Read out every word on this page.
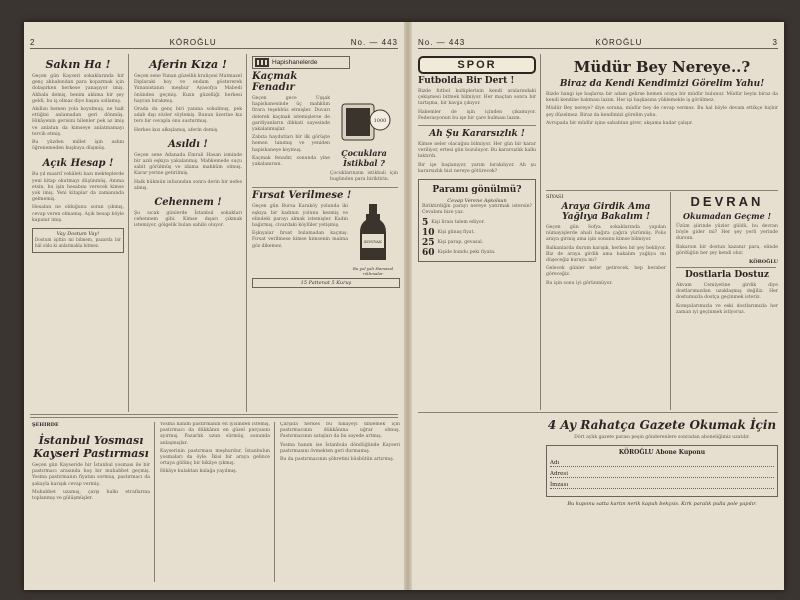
2	KÖROĞLU	No. — 443
Sakın Ha !

Geçen gün Kayseri sokaklarında bir genç ahbabından para koparmak için dolaşırken herkese yanaşıyor imiş. Ahbabı demiş, benim aklıma bir şey geldi, bu iş olmaz diye başını sallamış.

Akıllısı hemen yola koyulmuş, ne halt ettiğini anlamadan geri dönmüş. Hikâyenin gerisini bilenler pek az imiş ve anlatan da kimseye anlatmamayı tercih etmiş.

Bu yüzden millet işin aslını öğrenemeden kuşkuya düşmüş.

Açık Hesap !

Bu yıl maarif vekâleti bazı mekteplerde yeni kitap okutmayı düşünmüş. Amma etsin, bu işin hesabını verecek kimse yok imiş. Yeni kitaplar da zamanında gelmemiş.

Hesabın ne olduğunu soran çıkmış, cevap veren olmamış. Açık hesap böyle kapanır imiş.

Vay Dostum Vay!

Dostum işittin mi bilmem, pazarda bir hâl oldu ki anlatmakla bitmez.

Aferin Kıza !

Geçen sene Yunan güzellik kraliçesi Matmazel Diplaraki boy ve endam göstererek Yunanistanın meşhur Ayasofya Mabedi önünden geçmiş. Kızın güzelliği herkesi hayran bırakmış.

Orada da genç biri yanına sokulmuş, pek adab dışı sözler söylemiş. Bunun üzerine kız ters bir cevapla onu susturmuş.

Herkes kızı alkışlamış, aferin demiş.

Asıldı !

Geçen sene Adanada Emrali Hasan isminde bir azılı eşkıya yakalanmış. Mahkemede suçu sabit görülmüş ve idama mahkûm olmuş. Karar yerine getirilmiş.

Halk hükmün infazından sonra derin bir nefes almış.

Cehennem !

Şu sıcak günlerde İstanbul sokakları cehennem gibi. Kimse dışarı çıkmak istemiyor, gölgelik bulan sahibi oluyor.

Hapishanelerde
Kaçmak Fenadır

Geçen gece Uşşak hapishanesinde üç mahkûm firara teşebbüs etmişler. Duvarı delerek kaçmak istemişlerse de gardiyanların dikkati sayesinde yakalanmışlar.

Zabıta haydutları bir ilk görüşte hemen tanımış ve yeniden hapishaneye koymuş.

Kaçmak fenadır, sonunda yine yakalanırsın.

1000
Çocuklara İstikbal ?

Çocuklarınızın istikbali için bugünden para biriktirin.

Fırsat Verilmese !

Geçen gün Bursa Karaköy yolunda iki eşkıya bir kadının yolunu kesmiş ve elindeki parayı almak istemişler. Kadın bağırmış, civardaki köylüler yetişmiş.

Eşkıyalar fırsat bulamadan kaçmış. Fırsat verilmese kimse kimsenin malına göz dikemez.

KONYAK
Bu yol yalı Hamasal rıklımalar
15 Pattenat 5 Kuruş
ŞEHİRDE
İstanbul Yosması Kayseri Pastırması

Geçen gün Kayseride bir İstanbul yosması ile bir pastırmacı arasında hoş bir muhabbet geçmiş. Yosma pastırmanın fiyatını sormuş, pastırmacı da şakayla karışık cevap vermiş.

Muhabbet uzamış, çarşı halkı etraflarına toplanmış ve gülüşmüşler.

Yosma hanım pastırmanın en iyisinden istemiş, pastırmacı da dükkânın en güzel parçasını ayırmış. Pazarlık uzun sürmüş, sonunda anlaşmışlar.

Kayserinin pastırması meşhurdur, İstanbulun yosmaları da öyle. İkisi bir araya gelince ortaya gülünç bir hikâye çıkmış.

Hikâye kulaktan kulağa yayılmış.

Çarşıda herkes bu hikâyeyi dinlemek için pastırmacının dükkânına uğrar olmuş. Pastırmacının satışları da bu sayede artmış.

Yosma hanım ise İstanbula döndüğünde Kayseri pastırmasını övmekten geri durmamış.

Bu da pastırmacının şöhretini büsbütün artırmış.

No. — 443	KÖROĞLU	3
SPOR
Futbolda Bir Dert !

Bizde futbol kulüplerinin kendi aralarındaki çekişmesi bitmek bilmiyor. Her maçtan sonra bir tartışma, bir kavga çıkıyor.

Hakemler de işin içinden çıkamıyor. Federasyonun bu işe bir çare bulması lazım.

Ah Şu Kararsızlık !

Kimse neler olacağını bilmiyor. Her gün bir karar veriliyor, ertesi gün bozuluyor. Bu kararsızlık halkı bıktırdı.

Bir işe başlanıyor, yarım bırakılıyor. Ah şu kararsızlık bizi nereye götürecek?

Paramı gönülmü?
Cevap Verene Aşkolsun

Biriktirdiğin parayı nereye yatırmak istersin? Cevabını bize yaz.

5 Kişi lirası talem ediyor.
10 Kişi günaş fiyat.
25 Kişi parap, gevasal.
60 Kişide bundu peki fiyata.
Müdür Bey Nereye..?
Biraz da Kendi Kendimizi Görelim Yahu!

Bizde hangi işe başlarsa bir adam gelirse hemen oraya bir müdür bulunur. Müdür beyin biraz da kendi kendine bakması lazım. Her işi başkasına yüklemekle iş görülmez.

Müdür Bey nereye? diye sorana, müdür bey de cevap vermez. Bu hal böyle devam ettikçe hiçbir şey düzelmez. Biraz da kendimizi görelim yahu.

Avrupada bir müdür işine sabahtan girer, akşama kadar çalışır.

SİYASİ
Araya Girdik Ama Yağlıya Bakalım !

Geçen gün Sofya sokaklarında yapılan nümayişlerde ahali bağıra çağıra yürümüş. Polis araya girmiş ama işin sonunu kimse bilmiyor.

Balkanlarda durum karışık, herkes bir şey bekliyor. Biz de araya girdik ama bakalım yağlıya mı düşeceğiz kuruya mı?

Gelecek günler neler getirecek, hep beraber göreceğiz.

Bu işin sonu iyi görünmüyor.

DEVRAN
Okumadan Geçme !

Üzüm şiirinde yüzler güldü, bu devran böyle gider mi? Her şey yerli yerinde dursun.

Bakarsın bir dostun kazanır para, elinde gördüğün her şey kendi olur.

KÖROĞLU
Dostlarla Dostuz

Akvam Cemiyetine girdik diye dostlarımızdan uzaklaşmış değiliz. Her dostumuzla dostça geçinmek isteriz.

Komşularımızla ve eski dostlarımızla her zaman iyi geçinmek istiyoruz.

4 Ay Rahatça Gazete Okumak İçin

Dört aylık gazete parası peşin gönderenlere sonradan aboneliğimiz uzatılır.

KÖROĞLU Abone Kuponu
Adı
Adresi
İmzası
Bu kuponu satta kartın nerik kapuh bekçsis. Kırk paralık pulla pole yapılır.
